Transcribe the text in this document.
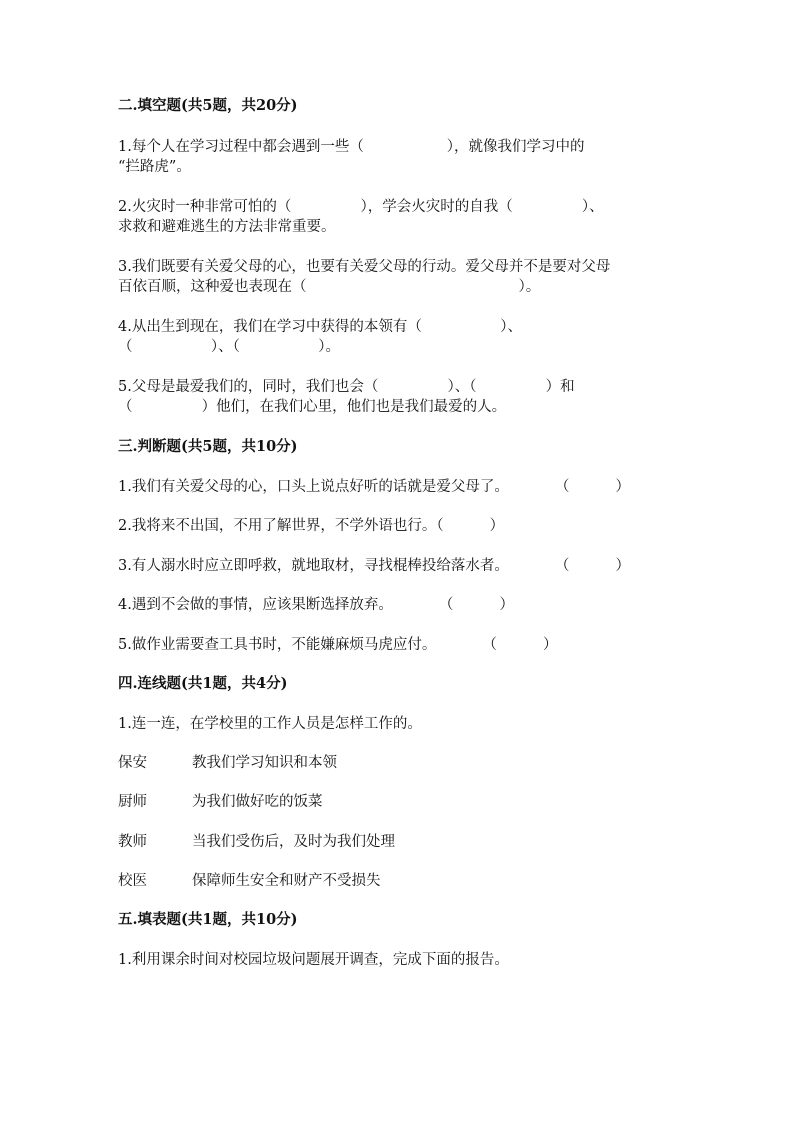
二.填空题(共5题，共20分)
1.每个人在学习过程中都会遇到一些（                  ），就像我们学习中的
“拦路虎”。
2.火灾时一种非常可怕的（               ），学会火灾时的自我（               ）、
求救和避难逃生的方法非常重要。
3.我们既要有关爱父母的心，也要有关爱父母的行动。爱父母并不是要对父母
百依百顺，这种爱也表现在（                                              ）。
4.从出生到现在，我们在学习中获得的本领有（                 ）、
（                 ）、（                 ）。
5.父母是最爱我们的，同时，我们也会（               ）、（               ）和
（               ）他们，在我们心里，他们也是我们最爱的人。
三.判断题(共5题，共10分)
1.我们有关爱父母的心，口头上说点好听的话就是爱父母了。          （          ）
2.我将来不出国，不用了解世界，不学外语也行。（          ）
3.有人溺水时应立即呼救，就地取材，寻找棍棒投给落水者。          （          ）
4.遇到不会做的事情，应该果断选择放弃。          （          ）
5.做作业需要查工具书时，不能嫌麻烦马虎应付。          （          ）
四.连线题(共1题，共4分)
1.连一连，在学校里的工作人员是怎样工作的。
保安	教我们学习知识和本领
厨师	为我们做好吃的饭菜
教师	当我们受伤后，及时为我们处理
校医	保障师生安全和财产不受损失
五.填表题(共1题，共10分)
1.利用课余时间对校园垃圾问题展开调查，完成下面的报告。
